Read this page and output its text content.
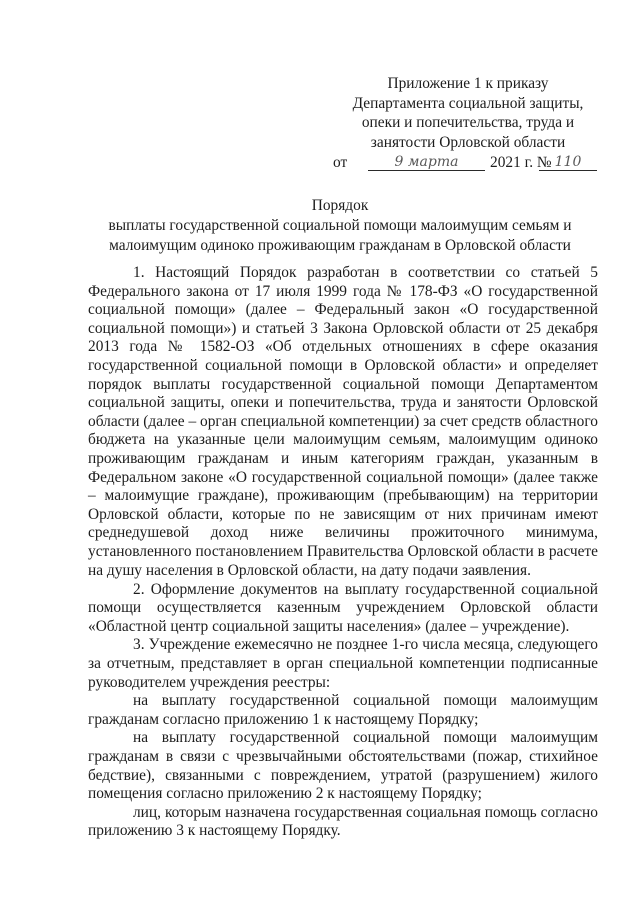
Приложение 1 к приказу
Департамента социальной защиты,
опеки и попечительства, труда и
занятости Орловской области
от	9 марта	2021 г. № 110
Порядок
выплаты государственной социальной помощи малоимущим семьям и
малоимущим одиноко проживающим гражданам в Орловской области

1. Настоящий Порядок разработан в соответствии со статьей 5 Федерального закона от 17 июля 1999 года № 178-ФЗ «О государственной социальной помощи» (далее – Федеральный закон «О государственной социальной помощи») и статьей 3 Закона Орловской области от 25 декабря 2013 года № 1582-ОЗ «Об отдельных отношениях в сфере оказания государственной социальной помощи в Орловской области» и определяет порядок выплаты государственной социальной помощи Департаментом социальной защиты, опеки и попечительства, труда и занятости Орловской области (далее – орган специальной компетенции) за счет средств областного бюджета на указанные цели малоимущим семьям, малоимущим одиноко проживающим гражданам и иным категориям граждан, указанным в Федеральном законе «О государственной социальной помощи» (далее также – малоимущие граждане), проживающим (пребывающим) на территории Орловской области, которые по не зависящим от них причинам имеют среднедушевой доход ниже величины прожиточного минимума, установленного постановлением Правительства Орловской области в расчете на душу населения в Орловской области, на дату подачи заявления.

2. Оформление документов на выплату государственной социальной помощи осуществляется казенным учреждением Орловской области «Областной центр социальной защиты населения» (далее – учреждение).

3. Учреждение ежемесячно не позднее 1-го числа месяца, следующего за отчетным, представляет в орган специальной компетенции подписанные руководителем учреждения реестры:

на выплату государственной социальной помощи малоимущим гражданам согласно приложению 1 к настоящему Порядку;

на выплату государственной социальной помощи малоимущим гражданам в связи с чрезвычайными обстоятельствами (пожар, стихийное бедствие), связанными с повреждением, утратой (разрушением) жилого помещения согласно приложению 2 к настоящему Порядку;

лиц, которым назначена государственная социальная помощь согласно приложению 3 к настоящему Порядку.
